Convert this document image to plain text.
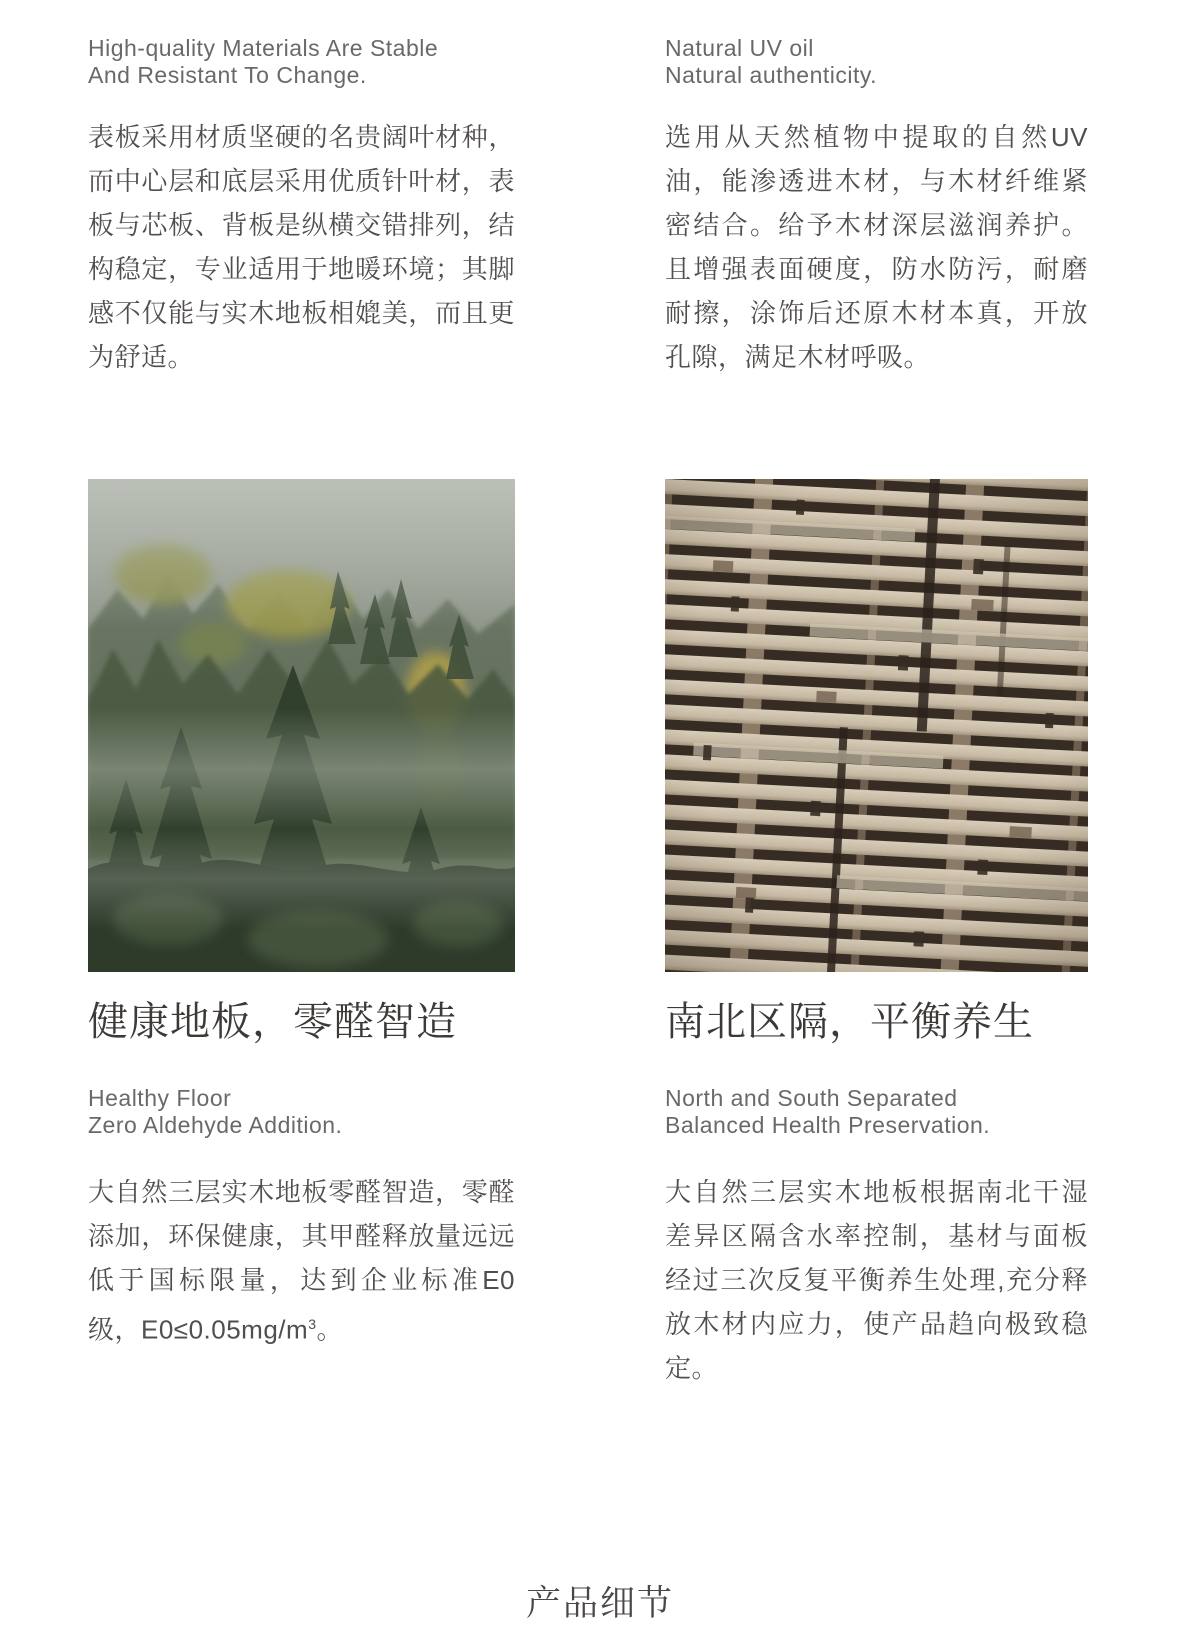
High-quality Materials Are Stable
And Resistant To Change.

表板采用材质坚硬的名贵阔叶材种，而中心层和底层采用优质针叶材，表板与芯板、背板是纵横交错排列，结构稳定，专业适用于地暖环境；其脚感不仅能与实木地板相媲美，而且更为舒适。

Natural UV oil
Natural authenticity.

选用从天然植物中提取的自然UV油，能渗透进木材，与木材纤维紧密结合。给予木材深层滋润养护。且增强表面硬度，防水防污，耐磨耐擦，涂饰后还原木材本真，开放孔隙，满足木材呼吸。

健康地板，零醛智造
Healthy Floor
Zero Aldehyde Addition.

大自然三层实木地板零醛智造，零醛添加，环保健康，其甲醛释放量远远低于国标限量，达到企业标准E0级，$E0\le 0.05mg/m^3$。

南北区隔，平衡养生
North and South Separated
Balanced Health Preservation.

大自然三层实木地板根据南北干湿差异区隔含水率控制，基材与面板经过三次反复平衡养生处理,充分释放木材内应力，使产品趋向极致稳定。

产品细节
